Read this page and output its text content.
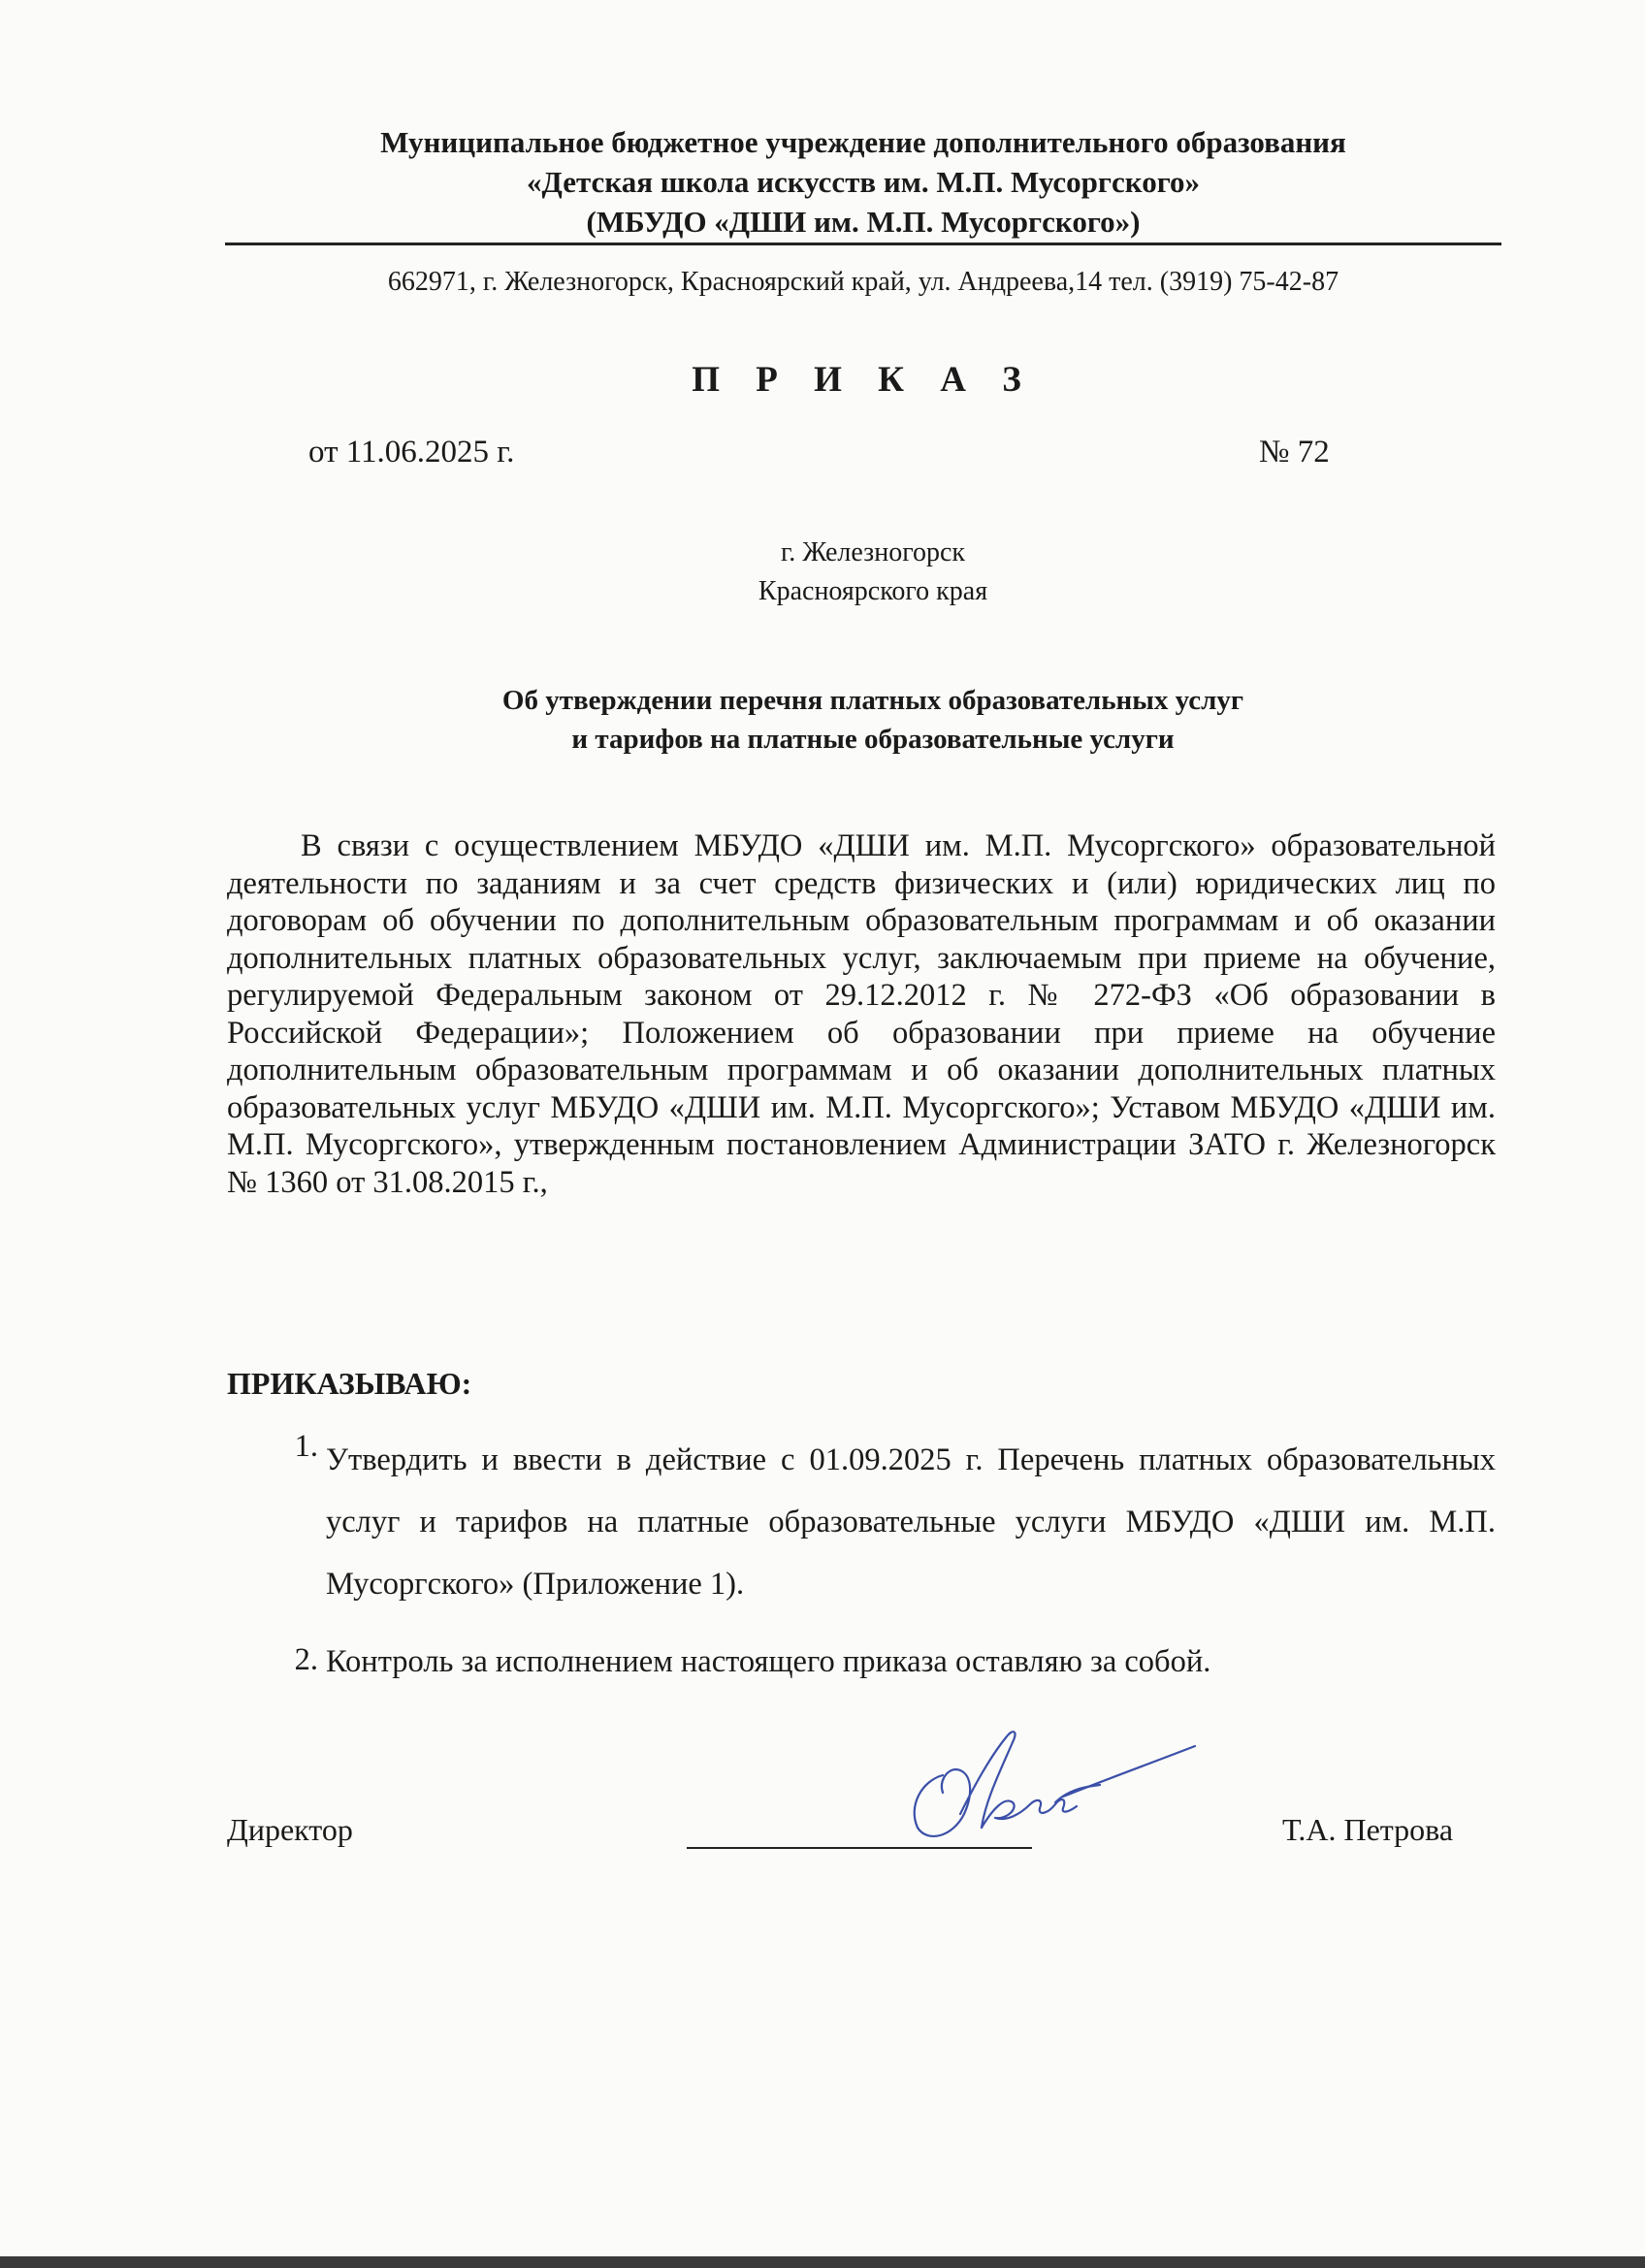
Муниципальное бюджетное учреждение дополнительного образования
«Детская школа искусств им. М.П. Мусоргского»
(МБУДО «ДШИ им. М.П. Мусоргского»)
662971, г. Железногорск, Красноярский край, ул. Андреева,14 тел. (3919) 75-42-87
П Р И К А З
от 11.06.2025 г.	№ 72
г. Железногорск
Красноярского края
Об утверждении перечня платных образовательных услуг
и тарифов на платные образовательные услуги

В связи с осуществлением МБУДО «ДШИ им. М.П. Мусоргского» образовательной деятельности по заданиям и за счет средств физических и (или) юридических лиц по договорам об обучении по дополнительным образовательным программам и об оказании дополнительных платных образовательных услуг, заключаемым при приеме на обучение, регулируемой Федеральным законом от 29.12.2012 г. № 272-ФЗ «Об образовании в Российской Федерации»; Положением об образовании при приеме на обучение дополнительным образовательным программам и об оказании дополнительных платных образовательных услуг МБУДО «ДШИ им. М.П. Мусоргского»; Уставом МБУДО «ДШИ им. М.П. Мусоргского», утвержденным постановлением Администрации ЗАТО г. Железногорск № 1360 от 31.08.2015 г.,

ПРИКАЗЫВАЮ:
1. Утвердить и ввести в действие с 01.09.2025 г. Перечень платных образовательных услуг и тарифов на платные образовательные услуги МБУДО «ДШИ им. М.П. Мусоргского» (Приложение 1).
2. Контроль за исполнением настоящего приказа оставляю за собой.
Директор	Т.А. Петрова
